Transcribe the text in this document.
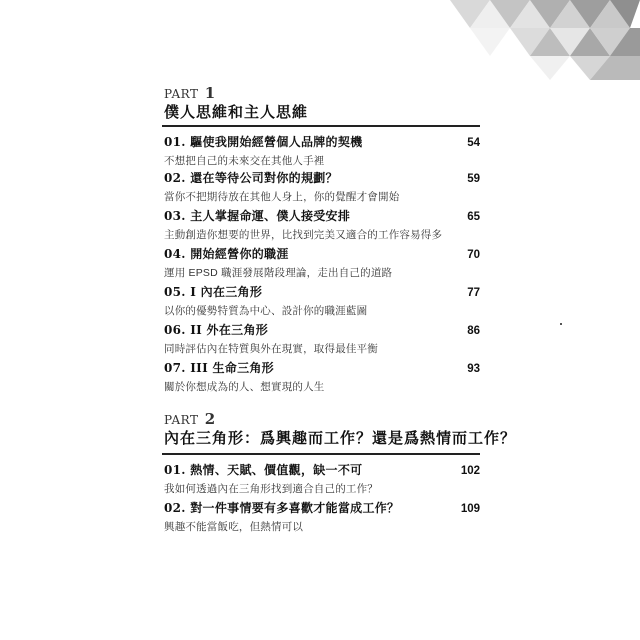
PART 1
僕人思維和主人思維
01. 驅使我開始經營個人品牌的契機	54
不想把自己的未來交在其他人手裡
02. 還在等待公司對你的規劃？	59
當你不把期待放在其他人身上，你的覺醒才會開始
03. 主人掌握命運、僕人接受安排	65
主動創造你想要的世界，比找到完美又適合的工作容易得多
04. 開始經營你的職涯	70
運用 EPSD 職涯發展階段理論，走出自己的道路
05. I 內在三角形	77
以你的優勢特質為中心、設計你的職涯藍圖
06. II 外在三角形	86
同時評估內在特質與外在現實，取得最佳平衡
07. III 生命三角形	93
關於你想成為的人、想實現的人生
PART 2
內在三角形：爲興趣而工作？還是爲熱情而工作？
01. 熱情、天賦、價值觀，缺一不可	102
我如何透過內在三角形找到適合自己的工作？
02. 對一件事情要有多喜歡才能當成工作？	109
興趣不能當飯吃，但熱情可以
